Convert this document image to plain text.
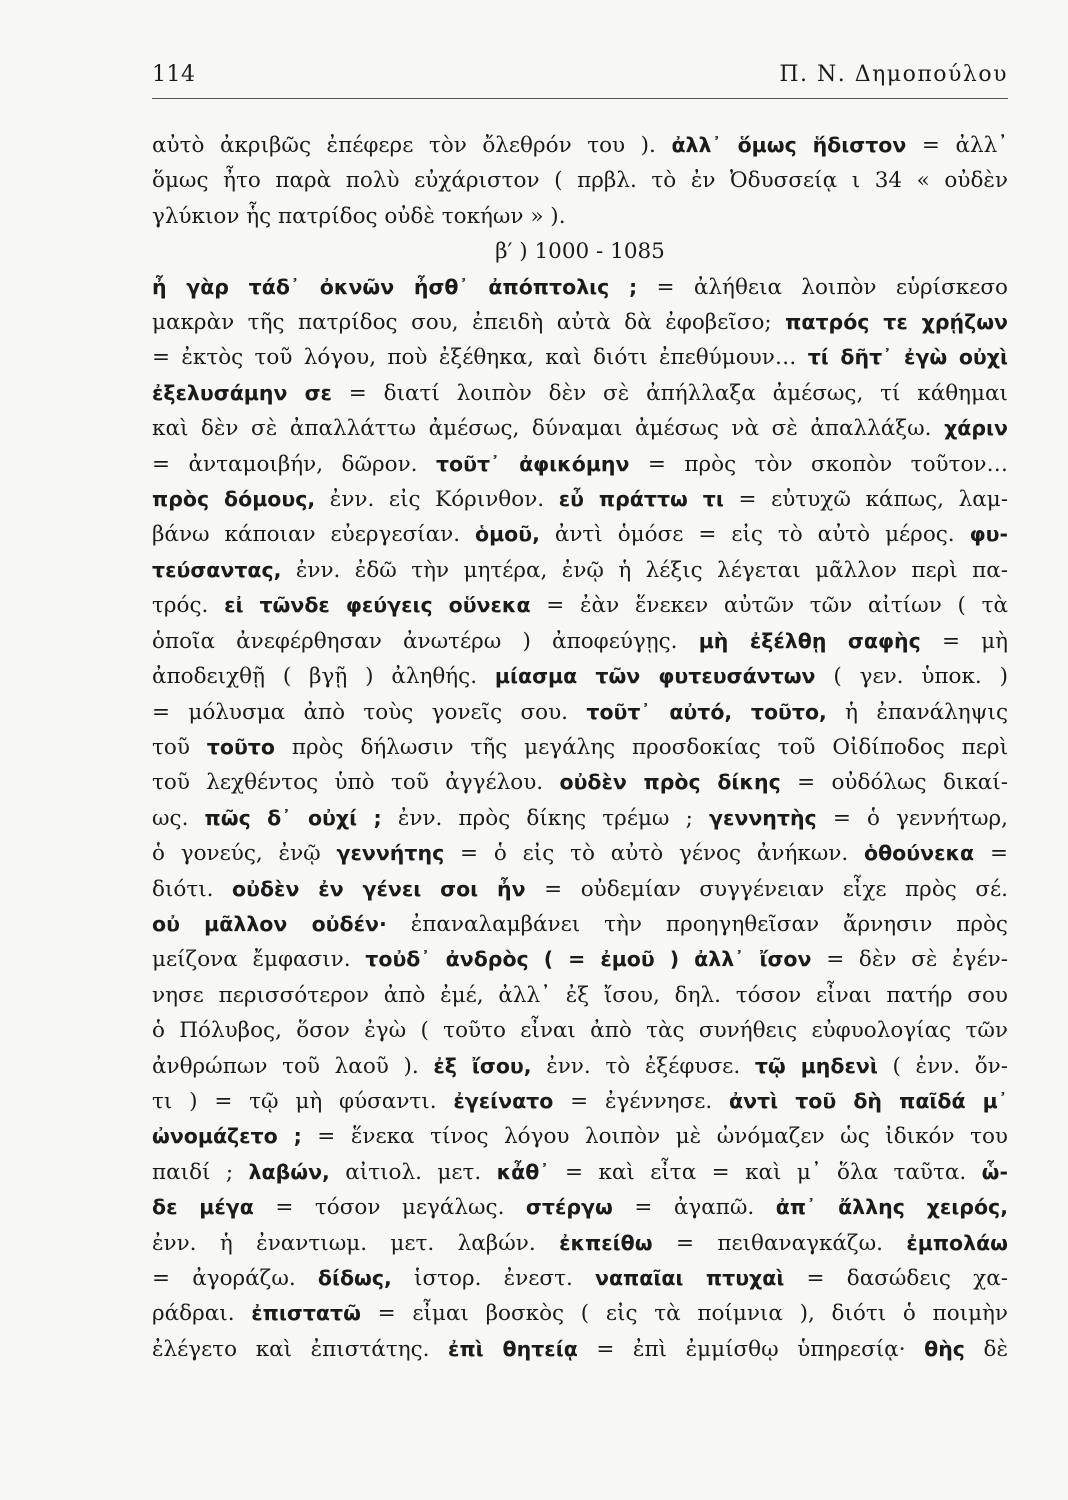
114	Π. Ν. Δημοπούλου
αὐτὸ ἀκριβῶς ἐπέφερε τὸν ὄλεθρόν του ). ἀλλ᾽ ὅμως ἥδιστον = ἀλλ᾽
ὅμως ἦτο παρὰ πολὺ εὐχάριστον ( πρβλ. τὸ ἐν Ὀδυσσείᾳ ι 34 « οὐδὲν
γλύκιον ἧς πατρίδος οὐδὲ τοκήων » ).
β′ ) 1000 - 1085
ἦ γὰρ τάδ᾽ ὀκνῶν ἦσθ᾽ ἀπόπτολις ; = ἀλήθεια λοιπὸν εὑρίσκεσο
μακρὰν τῆς πατρίδος σου, ἐπειδὴ αὐτὰ δὰ ἐφοβεῖσο; πατρός τε χρῄζων
= ἐκτὸς τοῦ λόγου, ποὺ ἐξέθηκα, καὶ διότι ἐπεθύμουν… τί δῆτ᾽ ἐγὼ οὐχὶ
ἐξελυσάμην σε = διατί λοιπὸν δὲν σὲ ἀπήλλαξα ἀμέσως, τί κάθημαι
καὶ δὲν σὲ ἀπαλλάττω ἀμέσως, δύναμαι ἀμέσως νὰ σὲ ἀπαλλάξω. χάριν
= ἀνταμοιβήν, δῶρον. τοῦτ᾽ ἀφικόμην = πρὸς τὸν σκοπὸν τοῦτον…
πρὸς δόμους, ἐνν. εἰς Κόρινθον. εὖ πράττω τι = εὐτυχῶ κάπως, λαμ-
βάνω κάποιαν εὐεργεσίαν. ὁμοῦ, ἀντὶ ὁμόσε = εἰς τὸ αὐτὸ μέρος. φυ-
τεύσαντας, ἐνν. ἐδῶ τὴν μητέρα, ἐνῷ ἡ λέξις λέγεται μᾶλλον περὶ πα-
τρός. εἰ τῶνδε φεύγεις οὕνεκα = ἐὰν ἕνεκεν αὐτῶν τῶν αἰτίων ( τὰ
ὁποῖα ἀνεφέρθησαν ἀνωτέρω ) ἀποφεύγῃς. μὴ ἐξέλθῃ σαφὴς = μὴ
ἀποδειχθῇ ( βγῇ ) ἀληθής. μίασμα τῶν φυτευσάντων ( γεν. ὑποκ. )
= μόλυσμα ἀπὸ τοὺς γονεῖς σου. τοῦτ᾽ αὐτό, τοῦτο, ἡ ἐπανάληψις
τοῦ τοῦτο πρὸς δήλωσιν τῆς μεγάλης προσδοκίας τοῦ Οἰδίποδος περὶ
τοῦ λεχθέντος ὑπὸ τοῦ ἀγγέλου. οὐδὲν πρὸς δίκης = οὐδόλως δικαί-
ως. πῶς δ᾽ οὐχί ; ἐνν. πρὸς δίκης τρέμω ; γεννητὴς = ὁ γεννήτωρ,
ὁ γονεύς, ἐνῷ γεννήτης = ὁ εἰς τὸ αὐτὸ γένος ἀνήκων. ὁθούνεκα =
διότι. οὐδὲν ἐν γένει σοι ἦν = οὐδεμίαν συγγένειαν εἶχε πρὸς σέ.
οὐ μᾶλλον οὐδέν· ἐπαναλαμβάνει τὴν προηγηθεῖσαν ἄρνησιν πρὸς
μείζονα ἔμφασιν. τοὐδ᾽ ἀνδρὸς ( = ἐμοῦ ) ἀλλ᾽ ἴσον = δὲν σὲ ἐγέν-
νησε περισσότερον ἀπὸ ἐμέ, ἀλλ᾽ ἐξ ἴσου, δηλ. τόσον εἶναι πατήρ σου
ὁ Πόλυβος, ὅσον ἐγὼ ( τοῦτο εἶναι ἀπὸ τὰς συνήθεις εὐφυολογίας τῶν
ἀνθρώπων τοῦ λαοῦ ). ἐξ ἴσου, ἐνν. τὸ ἐξέφυσε. τῷ μηδενὶ ( ἐνν. ὄν-
τι ) = τῷ μὴ φύσαντι. ἐγείνατο = ἐγέννησε. ἀντὶ τοῦ δὴ παῖδά μ᾽
ὠνομάζετο ; = ἕνεκα τίνος λόγου λοιπὸν μὲ ὠνόμαζεν ὡς ἰδικόν του
παιδί ; λαβών, αἰτιολ. μετ. κἆθ᾽ = καὶ εἶτα = καὶ μ᾽ ὅλα ταῦτα. ὧ-
δε μέγα = τόσον μεγάλως. στέργω = ἀγαπῶ. ἀπ᾽ ἄλλης χειρός,
ἐνν. ἡ ἐναντιωμ. μετ. λαβών. ἐκπείθω = πειθαναγκάζω. ἐμπολάω
= ἀγοράζω. δίδως, ἱστορ. ἐνεστ. ναπαῖαι πτυχαὶ = δασώδεις χα-
ράδραι. ἐπιστατῶ = εἶμαι βοσκὸς ( εἰς τὰ ποίμνια ), διότι ὁ ποιμὴν
ἐλέγετο καὶ ἐπιστάτης. ἐπὶ θητείᾳ = ἐπὶ ἐμμίσθῳ ὑπηρεσίᾳ· θὴς δὲ
